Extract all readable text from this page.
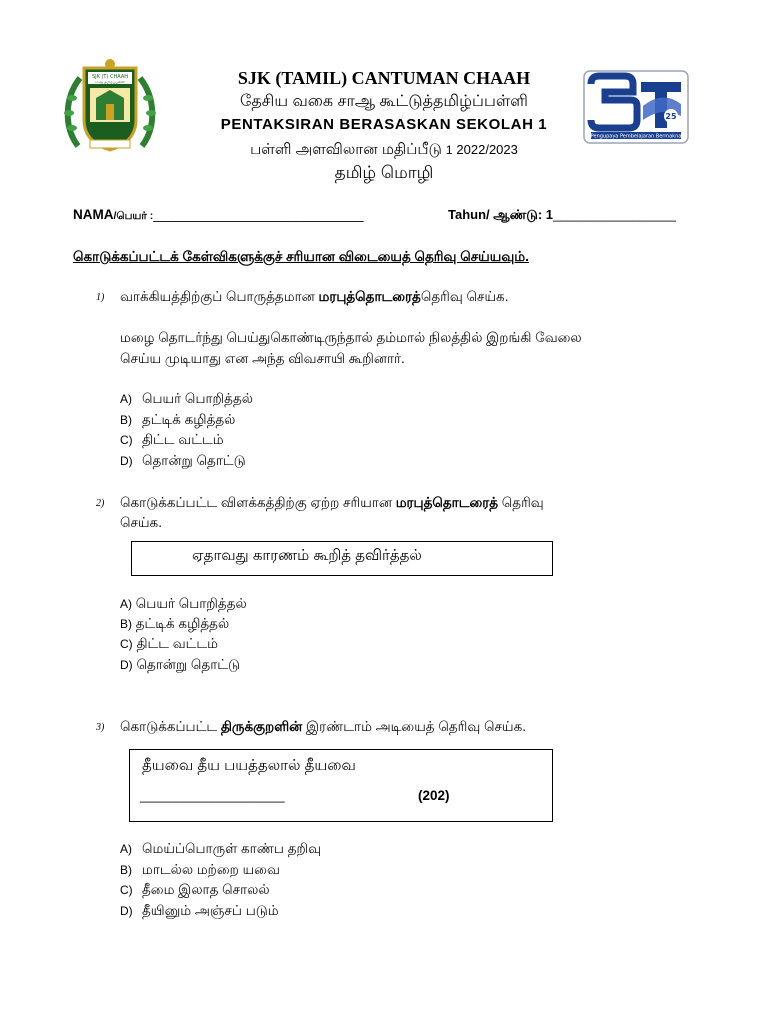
SJK (T) CHAAH
சாஆ தமிழ்ப்பள்ளி
25
Pengupaya Pembelajaran Bermakna
SJK (TAMIL) CANTUMAN CHAAH
தேசிய வகை சாஆ கூட்டுத்தமிழ்ப்பள்ளி
PENTAKSIRAN BERASASKAN SEKOLAH 1
பள்ளி அளவிலான மதிப்பீடு 1 2022/2023
தமிழ் மொழி
NAMA/பெயர் :____________________________	Tahun/ ஆண்டு: 1_________________
கொடுக்கப்பட்டக் கேள்விகளுக்குச் சரியான விடையைத் தெரிவு செய்யவும்.
1) வாக்கியத்திற்குப் பொருத்தமான மரபுத்தொடரைத்தெரிவு செய்க.
மழை தொடர்ந்து பெய்துகொண்டிருந்தால் தம்மால் நிலத்தில் இறங்கி வேலை
செய்ய முடியாது என அந்த விவசாயி கூறினார்.
A) பெயர் பொறித்தல்
B) தட்டிக் கழித்தல்
C) திட்ட வட்டம்
D) தொன்று தொட்டு
2) கொடுக்கப்பட்ட விளக்கத்திற்கு ஏற்ற சரியான மரபுத்தொடரைத் தெரிவு
செய்க.
ஏதாவது காரணம் கூறித் தவிர்த்தல்
A) பெயர் பொறித்தல்
B) தட்டிக் கழித்தல்
C) திட்ட வட்டம்
D) தொன்று தொட்டு
3) கொடுக்கப்பட்ட திருக்குறளின் இரண்டாம் அடியைத் தெரிவு செய்க.
தீயவை தீய பயத்தலால் தீயவை
____________________	(202)
A) மெய்ப்பொருள் காண்ப தறிவு
B) மாடல்ல மற்றை யவை
C) தீமை இலாத சொலல்
D) தீயினும் அஞ்சப் படும்
